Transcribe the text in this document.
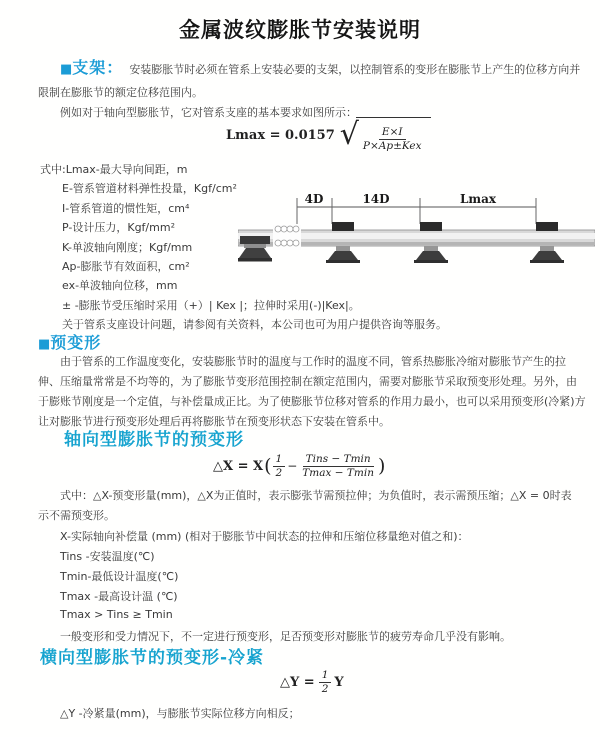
金属波纹膨胀节安装说明
■ 支架： 安装膨胀节时必须在管系上安装必要的支架，以控制管系的变形在膨胀节上产生的位移方向并
限制在膨胀节的额定位移范围内。
例如对于轴向型膨胀节，它对管系支座的基本要求如图所示：
Lmax = 0.0157 √ $\frac{E\times I}{\text{P×Ap±Kex}}$
式中:Lmax-最大导向间距，m
E-管系管道材料弹性投量，Kgf/cm²
I-管系管道的惯性矩，cm⁴
P-设计压力，Kgf/mm²
K-单波轴向刚度；Kgf/mm
Ap-膨胀节有效面积，cm²
ex-单波轴向位移，mm
± -膨胀节受压缩时采用（+）| Kex |；拉伸时采用(-)|Kex|。
关于管系支座设计问题，请参阅有关资料，本公司也可为用户提供咨询等服务。
4D	14D	Lmax
■ 预变形
由于管系的工作温度变化，安装膨胀节时的温度与工作时的温度不同，管系热膨胀冷缩对膨胀节产生的拉
伸、压缩量常常是不均等的，为了膨胀节变形范围控制在额定范围内，需要对膨胀节采取预变形处理。另外，由
于膨账节刚度是一个定值，与补偿量成正比。为了使膨胀节位移对管系的作用力最小，也可以采用预变形(冷紧)方
让对膨胀节进行预变形处理后再将膨胀节在预变形状态下安装在管系中。
轴向型膨胀节的预变形
△X = X ( $\frac{1}{2} - \frac{\text{Tins − Tmin}}{Tmax - Tmin}$ )
式中：△X-预变形量(mm)，△X为正值时，表示膨张节需预拉伸；为负值时，表示需预压缩；△X = 0时表
示不需预变形。
X-实际轴向补偿量 (mm) (相对于膨胀节中间状态的拉伸和压缩位移量绝对值之和)：
Tins -安装温度(℃)
Tmin-最低设计温度(℃)
Tmax -最高设计温 (℃)
Tmax > Tins ≥ Tmin
一般变形和受力情况下，不一定进行预变形，足否预变形对膨胀节的疲劳寿命几乎没有影响。
横向型膨胀节的预变形-冷紧
△Y = $\frac{1}{2}$ Y
△Y -冷紧量(mm)，与膨胀节实际位移方向相反；
